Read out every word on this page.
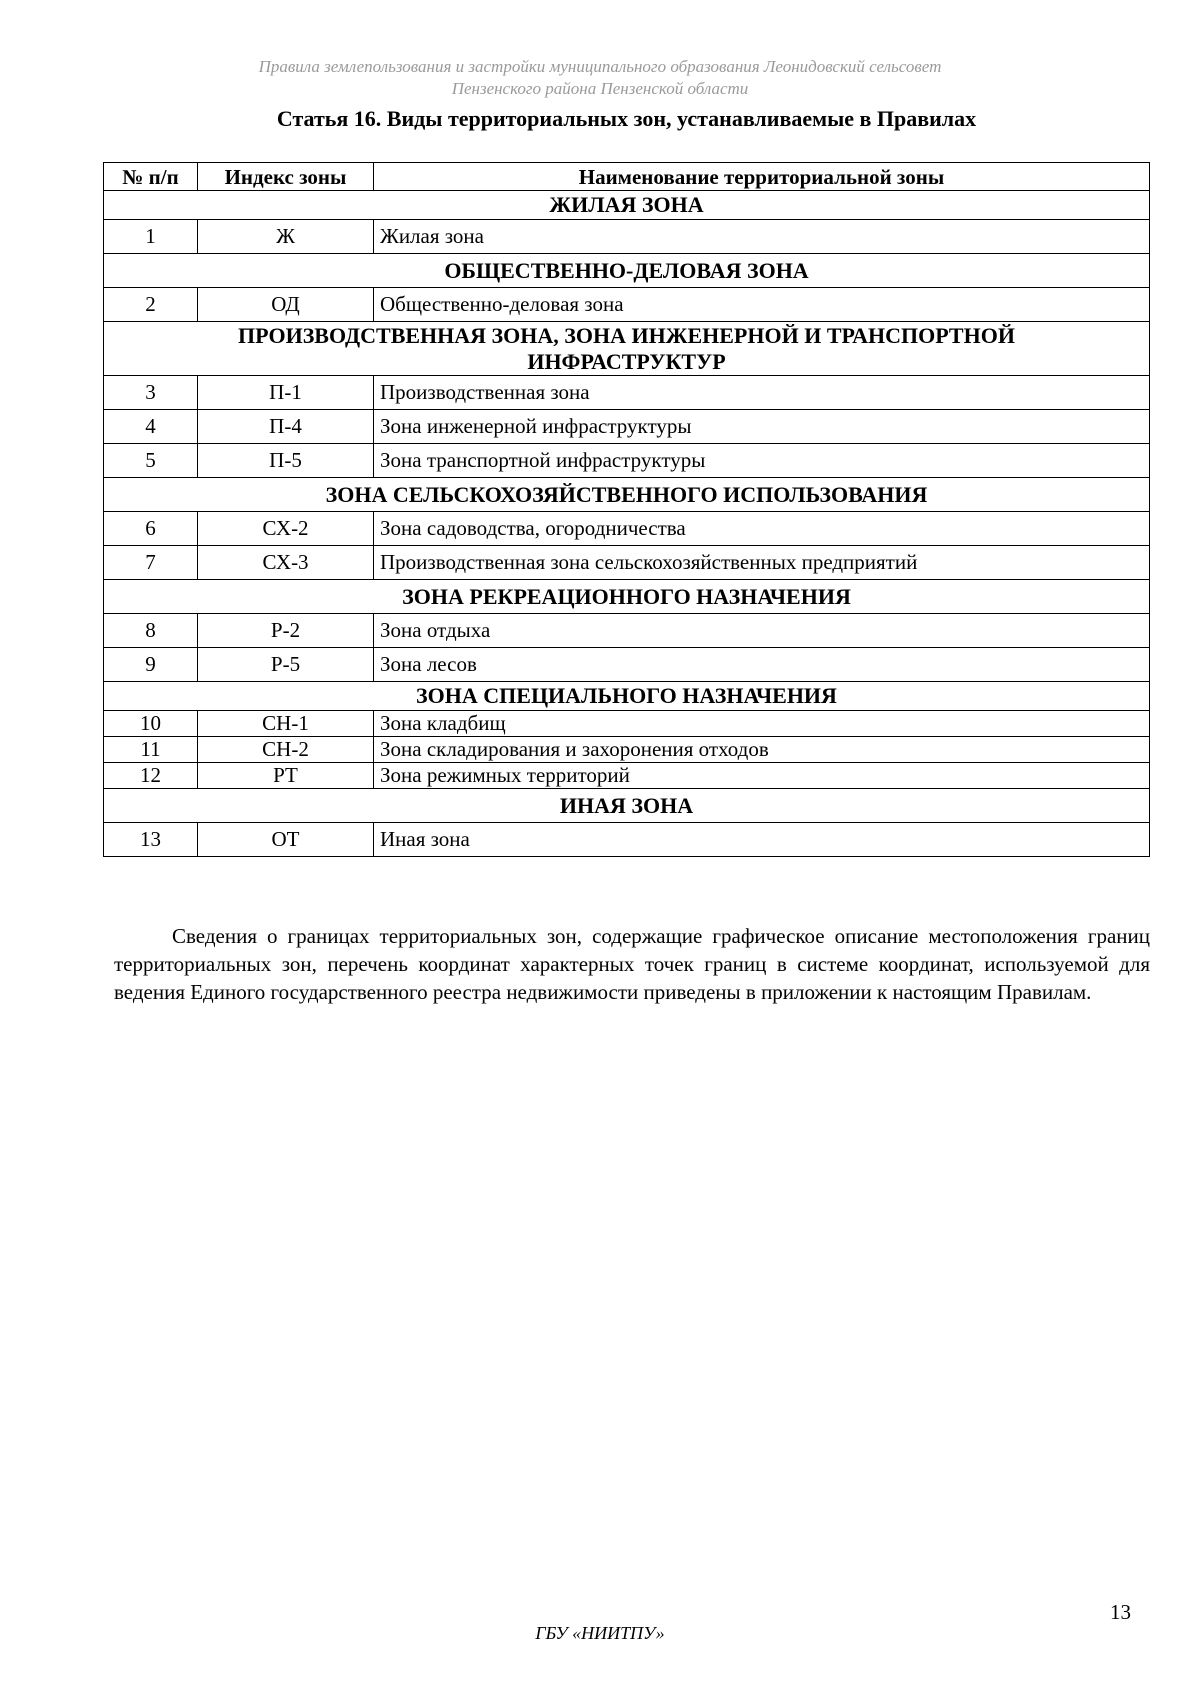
Правила землепользования и застройки муниципального образования Леонидовский сельсовет
Пензенского района Пензенской области
Статья 16. Виды территориальных зон, устанавливаемые в Правилах
№ п/п	Индекс зоны	Наименование территориальной зоны
ЖИЛАЯ ЗОНА		
1	Ж	Жилая зона
ОБЩЕСТВЕННО-ДЕЛОВАЯ ЗОНА		
2	ОД	Общественно-деловая зона

ПРОИЗВОДСТВЕННАЯ ЗОНА, ЗОНА ИНЖЕНЕРНОЙ И ТРАНСПОРТНОЙ
ИНФРАСТРУКТУР		

3	П-1	Производственная зона
4	П-4	Зона инженерной инфраструктуры
5	П-5	Зона транспортной инфраструктуры
ЗОНА СЕЛЬСКОХОЗЯЙСТВЕННОГО ИСПОЛЬЗОВАНИЯ		
6	СХ-2	Зона садоводства, огородничества
7	СХ-3	Производственная зона сельскохозяйственных предприятий
ЗОНА РЕКРЕАЦИОННОГО НАЗНАЧЕНИЯ		
8	Р-2	Зона отдыха
9	Р-5	Зона лесов
ЗОНА СПЕЦИАЛЬНОГО НАЗНАЧЕНИЯ		
10	СН-1	Зона кладбищ
11	СН-2	Зона складирования и захоронения отходов
12	РТ	Зона режимных территорий
ИНАЯ ЗОНА		
13	ОТ	Иная зона
Сведения о границах территориальных зон, содержащие графическое описание местоположения границ территориальных зон, перечень координат характерных точек границ в системе координат, используемой для ведения Единого государственного реестра недвижимости приведены в приложении к настоящим Правилам.
13
ГБУ «НИИТПУ»
